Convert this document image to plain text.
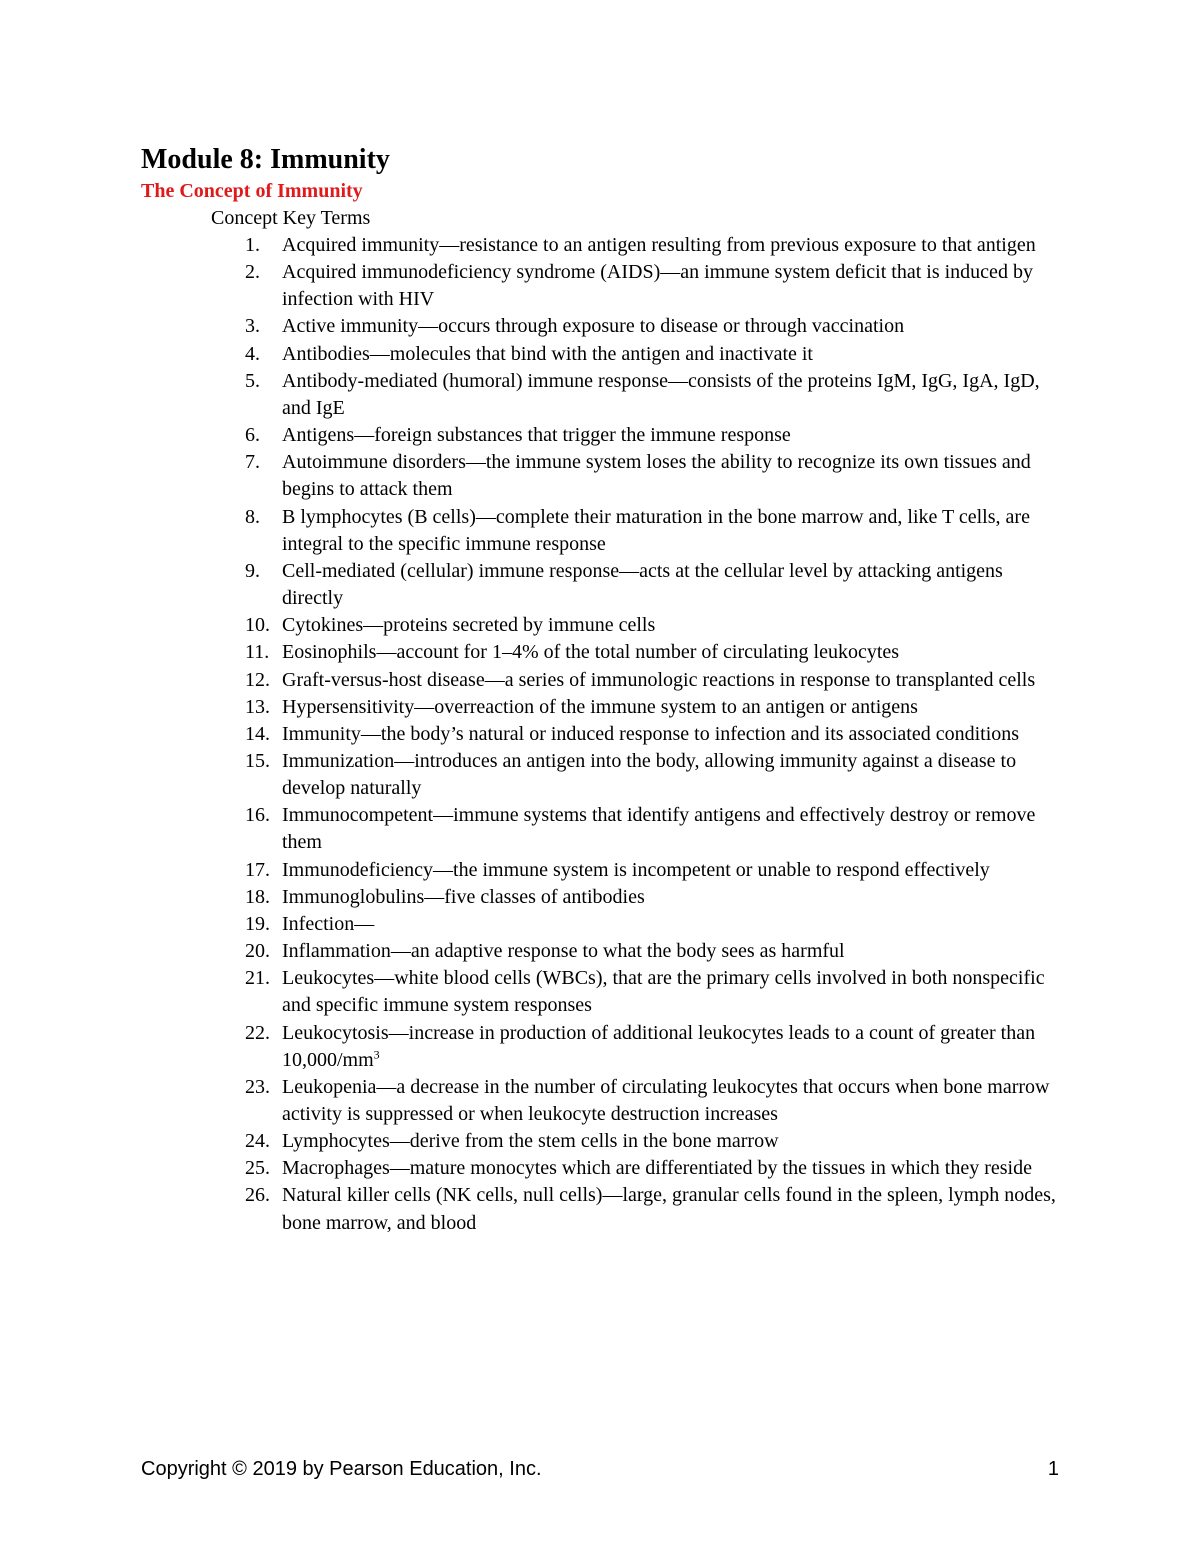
Module 8: Immunity
The Concept of Immunity

Concept Key Terms

1.	Acquired immunity—resistance to an antigen resulting from previous exposure to that antigen
2.	Acquired immunodeficiency syndrome (AIDS)—an immune system deficit that is induced by infection with HIV
3.	Active immunity—occurs through exposure to disease or through vaccination
4.	Antibodies—molecules that bind with the antigen and inactivate it
5.	Antibody-mediated (humoral) immune response—consists of the proteins IgM, IgG, IgA, IgD, and IgE
6.	Antigens—foreign substances that trigger the immune response
7.	Autoimmune disorders—the immune system loses the ability to recognize its own tissues and begins to attack them
8.	B lymphocytes (B cells)—complete their maturation in the bone marrow and, like T cells, are integral to the specific immune response
9.	Cell-mediated (cellular) immune response—acts at the cellular level by attacking antigens directly
10. Cytokines—proteins secreted by immune cells
11. Eosinophils—account for 1–4% of the total number of circulating leukocytes
12. Graft-versus-host disease—a series of immunologic reactions in response to transplanted cells
13. Hypersensitivity—overreaction of the immune system to an antigen or antigens
14. Immunity—the body’s natural or induced response to infection and its associated conditions
15. Immunization—introduces an antigen into the body, allowing immunity against a disease to develop naturally
16. Immunocompetent—immune systems that identify antigens and effectively destroy or remove them
17. Immunodeficiency—the immune system is incompetent or unable to respond effectively
18. Immunoglobulins—five classes of antibodies
19. Infection—
20. Inflammation—an adaptive response to what the body sees as harmful
21. Leukocytes—white blood cells (WBCs), that are the primary cells involved in both nonspecific and specific immune system responses
22. Leukocytosis—increase in production of additional leukocytes leads to a count of greater than $10,000/mm^3$
23. Leukopenia—a decrease in the number of circulating leukocytes that occurs when bone marrow activity is suppressed or when leukocyte destruction increases
24. Lymphocytes—derive from the stem cells in the bone marrow
25. Macrophages—mature monocytes which are differentiated by the tissues in which they reside
26. Natural killer cells (NK cells, null cells)—large, granular cells found in the spleen, lymph nodes, bone marrow, and blood
Copyright © 2019 by Pearson Education, Inc.	1
